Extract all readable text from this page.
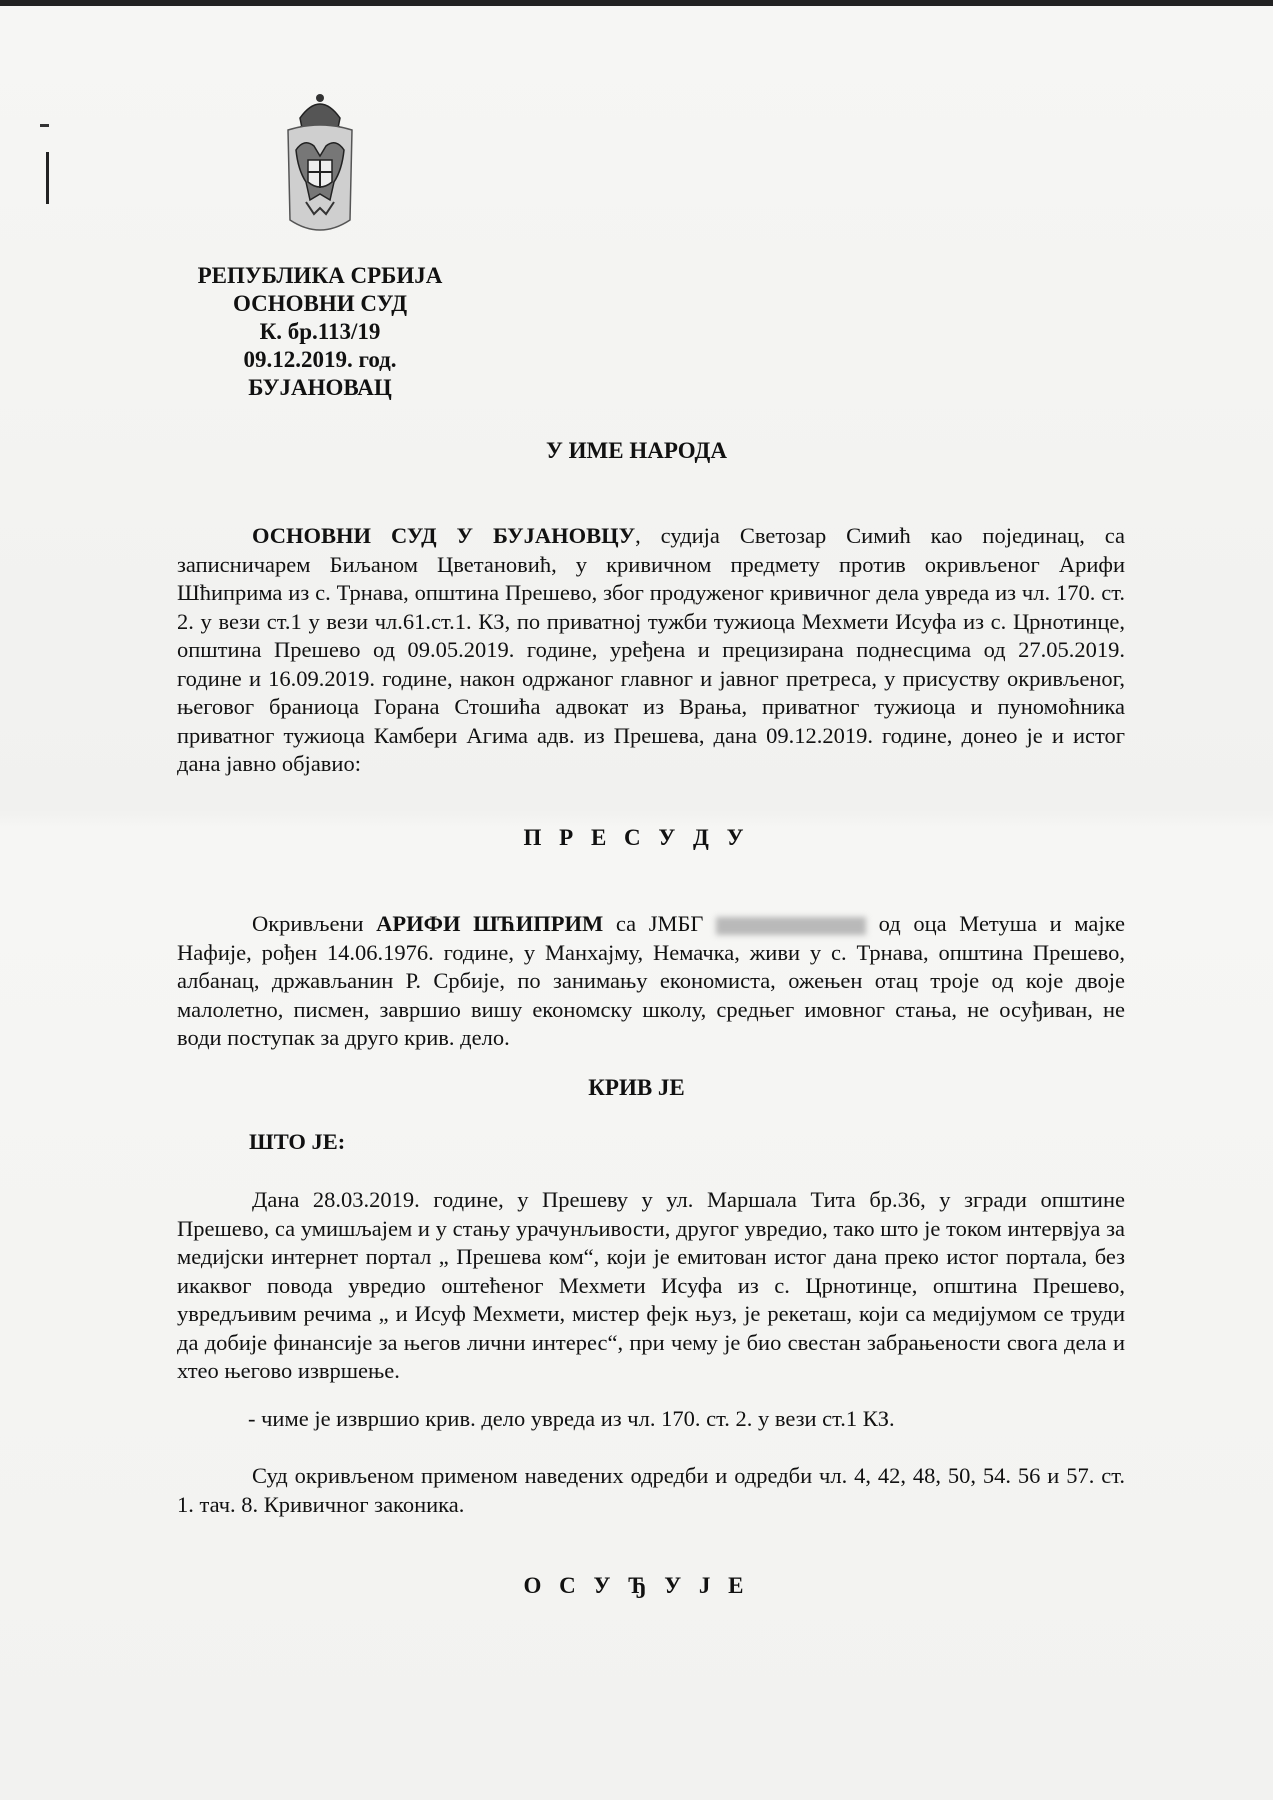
РЕПУБЛИКА СРБИЈА
ОСНОВНИ СУД
К. бр.113/19
09.12.2019. год.
БУЈАНОВАЦ
У ИМЕ НАРОДА

ОСНОВНИ СУД У БУЈАНОВЦУ, судија Светозар Симић као појединац, са записничарем Биљаном Цветановић, у кривичном предмету против окривљеног Арифи Шћиприма из с. Трнава, општина Прешево, због продуженог кривичног дела увреда из чл. 170. ст. 2. у вези ст.1 у вези чл.61.ст.1. КЗ, по приватној тужби тужиоца Мехмети Исуфа из с. Црнотинце, општина Прешево од 09.05.2019. године, уређена и прецизирана поднесцима од 27.05.2019. године и 16.09.2019. године, након одржаног главног и јавног претреса, у присуству окривљеног, његовог браниоца Горана Стошића адвокат из Врања, приватног тужиоца и пуномоћника приватног тужиоца Камбери Агима адв. из Прешева, дана 09.12.2019. године, донео је и истог дана јавно објавио:

П Р Е С У Д У

Окривљени АРИФИ ШЋИПРИМ са ЈМБГ	од оца Метуша и мајке Нафије, рођен 14.06.1976. године, у Манхајму, Немачка, живи у с. Трнава, општина Прешево, албанац, држављанин Р. Србије, по занимању економиста, ожењен отац троје од које двоје малолетно, писмен, завршио вишу економску школу, средњег имовног стања, не осуђиван, не води поступак за друго крив. дело.

КРИВ ЈЕ
ШТО ЈЕ:

Дана 28.03.2019. године, у Прешеву у ул. Маршала Тита бр.36, у згради општине Прешево, са умишљајем и у стању урачунљивости, другог увредио, тако што је током интервјуа за медијски интернет портал „ Прешева ком“, који је емитован истог дана преко истог портала, без икаквог повода увредио оштећеног Мехмети Исуфа из с. Црнотинце, општина Прешево, увредљивим речима „ и Исуф Мехмети, мистер фејк њуз, је рекеташ, који са медијумом се труди да добије финансије за његов лични интерес“, при чему је био свестан забрањености свога дела и хтео његово извршење.

- чиме је извршио крив. дело увреда из чл. 170. ст. 2. у вези ст.1 КЗ.

Суд окривљеном применом наведених одредби и одредби чл. 4, 42, 48, 50, 54. 56 и 57. ст. 1. тач. 8. Кривичног законика.

О С У Ђ У Ј Е
